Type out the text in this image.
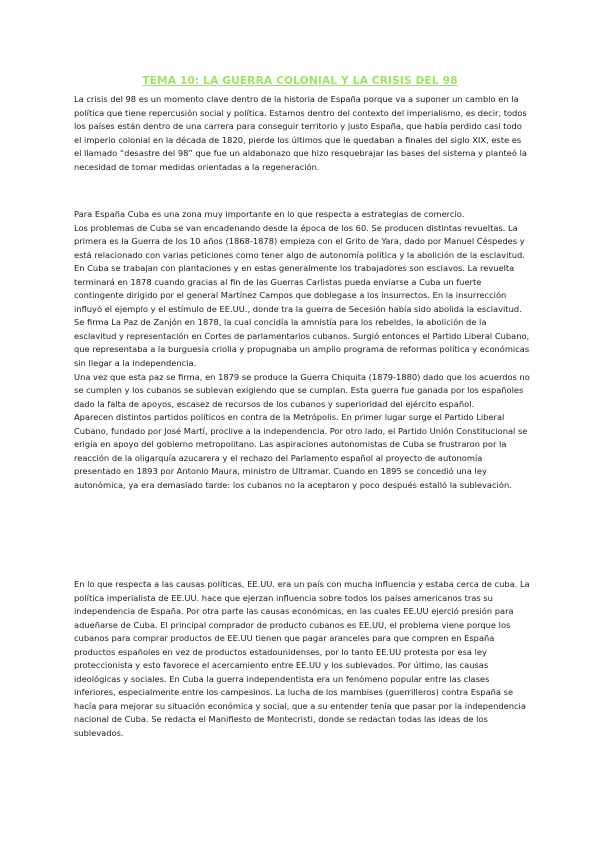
TEMA 10: LA GUERRA COLONIAL Y LA CRISIS DEL 98

La crisis del 98 es un momento clave dentro de la historia de España porque va a suponer un cambio en la política que tiene repercusión social y política. Estamos dentro del contexto del imperialismo, es decir, todos los países están dentro de una carrera para conseguir territorio y justo España, que había perdido casi todo el imperio colonial en la década de 1820, pierde los últimos que le quedaban a finales del siglo XIX, este es el llamado “desastre del 98” que fue un aldabonazo que hizo resquebrajar las bases del sistema y planteó la necesidad de tomar medidas orientadas a la regeneración.

Para España Cuba es una zona muy importante en lo que respecta a estrategias de comercio.
Los problemas de Cuba se van encadenando desde la época de los 60. Se producen distintas revueltas. La primera es la Guerra de los 10 años (1868-1878) empieza con el Grito de Yara, dado por Manuel Céspedes y está relacionado con varias peticiones como tener algo de autonomía política y la abolición de la esclavitud. En Cuba se trabajan con plantaciones y en estas generalmente los trabajadores son esclavos. La revuelta terminará en 1878 cuando gracias al fin de las Guerras Carlistas pueda enviarse a Cuba un fuerte contingente dirigido por el general Martínez Campos que doblegase a los insurrectos. En la insurrección influyó el ejemplo y el estímulo de EE.UU., donde tra la guerra de Secesión había sido abolida la esclavitud. Se firma La Paz de Zanjón en 1878, la cual concidía la amnistía para los rebeldes, la abolición de la esclavitud y representación en Cortes de parlamentarios cubanos. Surgió entonces el Partido Liberal Cubano, que representaba a la burguesía criolla y propugnaba un amplio programa de reformas política y económicas sin llegar a la independencia.
Una vez que esta paz se firma, en 1879 se produce la Guerra Chiquita (1879-1880) dado que los acuerdos no se cumplen y los cubanos se sublevan exigiendo que se cumplan. Esta guerra fue ganada por los españoles dado la falta de apoyos, escasez de recursos de los cubanos y superioridad del ejército español.
Aparecen distintos partidos políticos en contra de la Metrópolis. En primer lugar surge el Partido Liberal Cubano, fundado por José Martí, proclive a la independencia. Por otro lado, el Partido Unión Constitucional se erigía en apoyo del gobierno metropolitano. Las aspiraciones autonomistas de Cuba se frustraron por la reacción de la oligarquía azucarera y el rechazo del Parlamento español al proyecto de autonomía presentado en 1893 por Antonio Maura, ministro de Ultramar. Cuando en 1895 se concedió una ley autonómica, ya era demasiado tarde: los cubanos no la aceptaron y poco después estalló la sublevación.

En lo que respecta a las causas políticas, EE.UU. era un país con mucha influencia y estaba cerca de cuba. La política imperialista de EE.UU. hace que ejerzan influencia sobre todos los países americanos tras su independencia de España. Por otra parte las causas económicas, en las cuales EE.UU ejerció presión para adueñarse de Cuba. El principal comprador de producto cubanos es EE.UU, el problema viene porque los cubanos para comprar productos de EE.UU tienen que pagar aranceles para que compren en España productos españoles en vez de productos estadounidenses, por lo tanto EE.UU protesta por esa ley proteccionista y esto favorece el acercamiento entre EE.UU y los sublevados. Por último, las causas ideológicas y sociales. En Cuba la guerra independentista era un fenómeno popular entre las clases inferiores, especialmente entre los campesinos. La lucha de los mambises (guerrilleros) contra España se hacía para mejorar su situación económica y social, que a su entender tenía que pasar por la independencia nacional de Cuba. Se redacta el Manifiesto de Montecristi, donde se redactan todas las ideas de los sublevados.
